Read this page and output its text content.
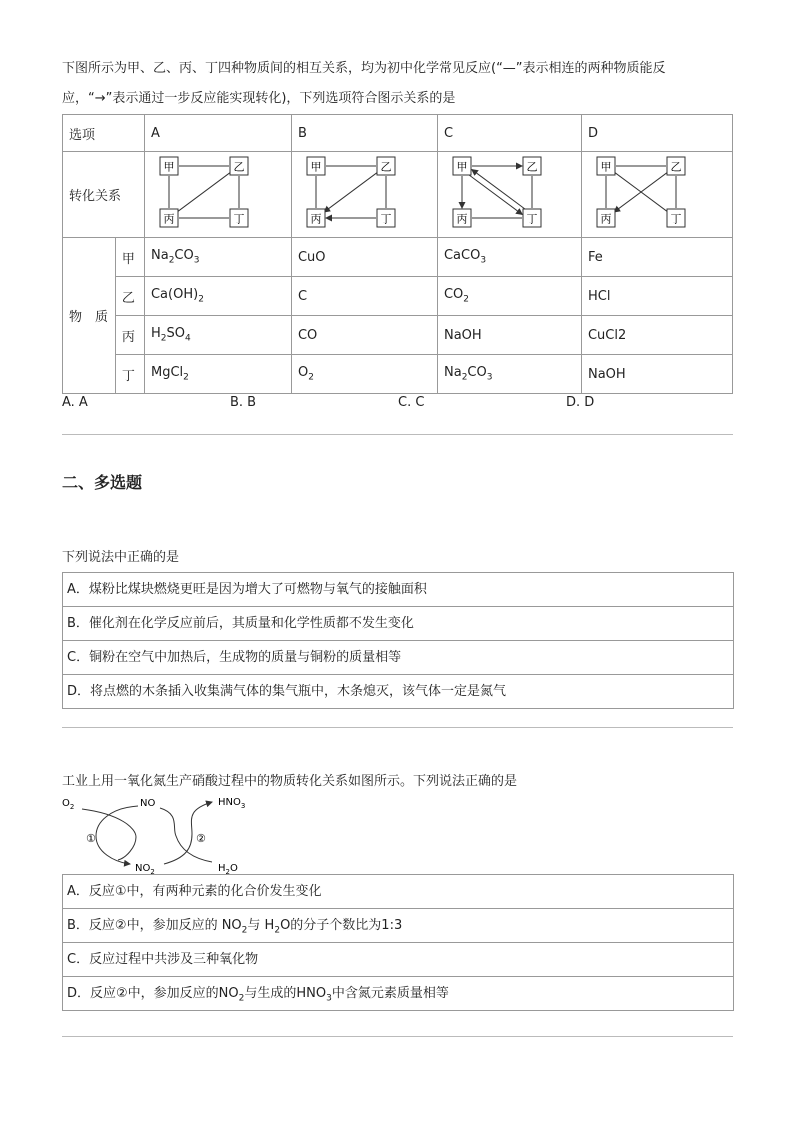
下图所示为甲、乙、丙、丁四种物质间的相互关系，均为初中化学常见反应(“—”表示相连的两种物质能反
应，“→”表示通过一步反应能实现转化)，下列选项符合图示关系的是
选项		A	B	C	D
转化关系		甲 乙
丙 丁	甲 乙
丙 丁	甲 乙
丙 丁	甲 乙
丙 丁

物　质	甲	$Na_2CO_3$	CuO	CaCO$_3$	Fe
	乙	$Ca(OH)_2$	C	$CO_2$	HCl
	丙	$H_2SO_4$	CO	NaOH	CuCl2
	丁	MgCl$_2$	$O_2$	$Na_2CO_3$	NaOH
A. A	B. B	C. C	D. D
二、多选题
下列说法中正确的是
A．煤粉比煤块燃烧更旺是因为增大了可燃物与氧气的接触面积
B．催化剂在化学反应前后，其质量和化学性质都不发生变化
C．铜粉在空气中加热后，生成物的质量与铜粉的质量相等
D．将点燃的木条插入收集满气体的集气瓶中，木条熄灭，该气体一定是氮气
工业上用一氧化氮生产硝酸过程中的物质转化关系如图所示。下列说法正确的是
$O_2$	NO	$HNO_3$
$NO_2$	$H_2O$
①	②
A．反应①中，有两种元素的化合价发生变化
B．反应②中，参加反应的 $NO_2$与 $H_2O$的分子个数比为1:3
C．反应过程中共涉及三种氧化物
D．反应②中，参加反应的$NO_2$与生成的$HNO_3$中含氮元素质量相等
